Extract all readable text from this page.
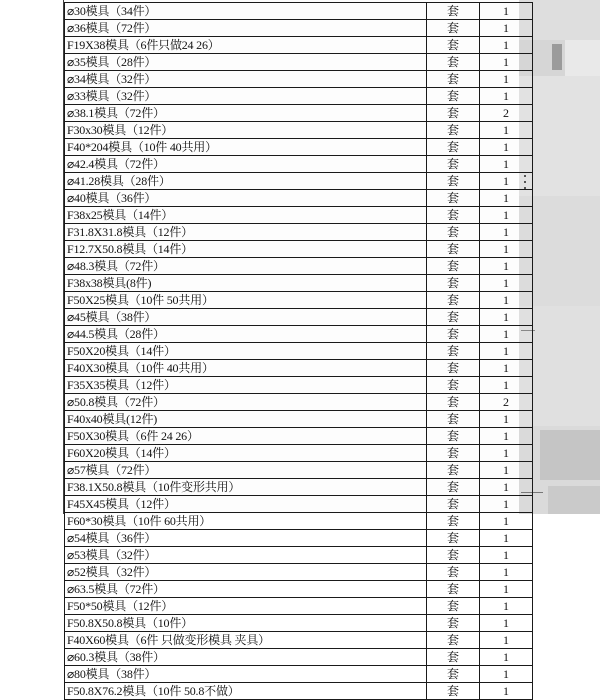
⌀30模具（34件）	套	1
⌀36模具（72件）	套	1
F19X38模具（6件只做24 26）	套	1
⌀35模具（28件）	套	1
⌀34模具（32件）	套	1
⌀33模具（32件）	套	1
⌀38.1模具（72件）	套	2
F30x30模具（12件）	套	1
F40*204模具（10件 40共用）	套	1
⌀42.4模具（72件）	套	1
⌀41.28模具（28件）	套	1
⌀40模具（36件）	套	1
F38x25模具（14件）	套	1
F31.8X31.8模具（12件）	套	1
F12.7X50.8模具（14件）	套	1
⌀48.3模具（72件）	套	1
F38x38模具(8件)	套	1
F50X25模具（10件 50共用）	套	1
⌀45模具（38件）	套	1
⌀44.5模具（28件）	套	1
F50X20模具（14件）	套	1
F40X30模具（10件 40共用）	套	1
F35X35模具（12件）	套	1
⌀50.8模具（72件）	套	2
F40x40模具(12件)	套	1
F50X30模具（6件 24 26）	套	1
F60X20模具（14件）	套	1
⌀57模具（72件）	套	1
F38.1X50.8模具（10件变形共用）	套	1
F45X45模具（12件）	套	1
F60*30模具（10件 60共用）	套	1
⌀54模具（36件）	套	1
⌀53模具（32件）	套	1
⌀52模具（32件）	套	1
⌀63.5模具（72件）	套	1
F50*50模具（12件）	套	1
F50.8X50.8模具（10件）	套	1
F40X60模具（6件 只做变形模具 夹具）	套	1
⌀60.3模具（38件）	套	1
⌀80模具（38件）	套	1
F50.8X76.2模具（10件 50.8不做）	套	1
